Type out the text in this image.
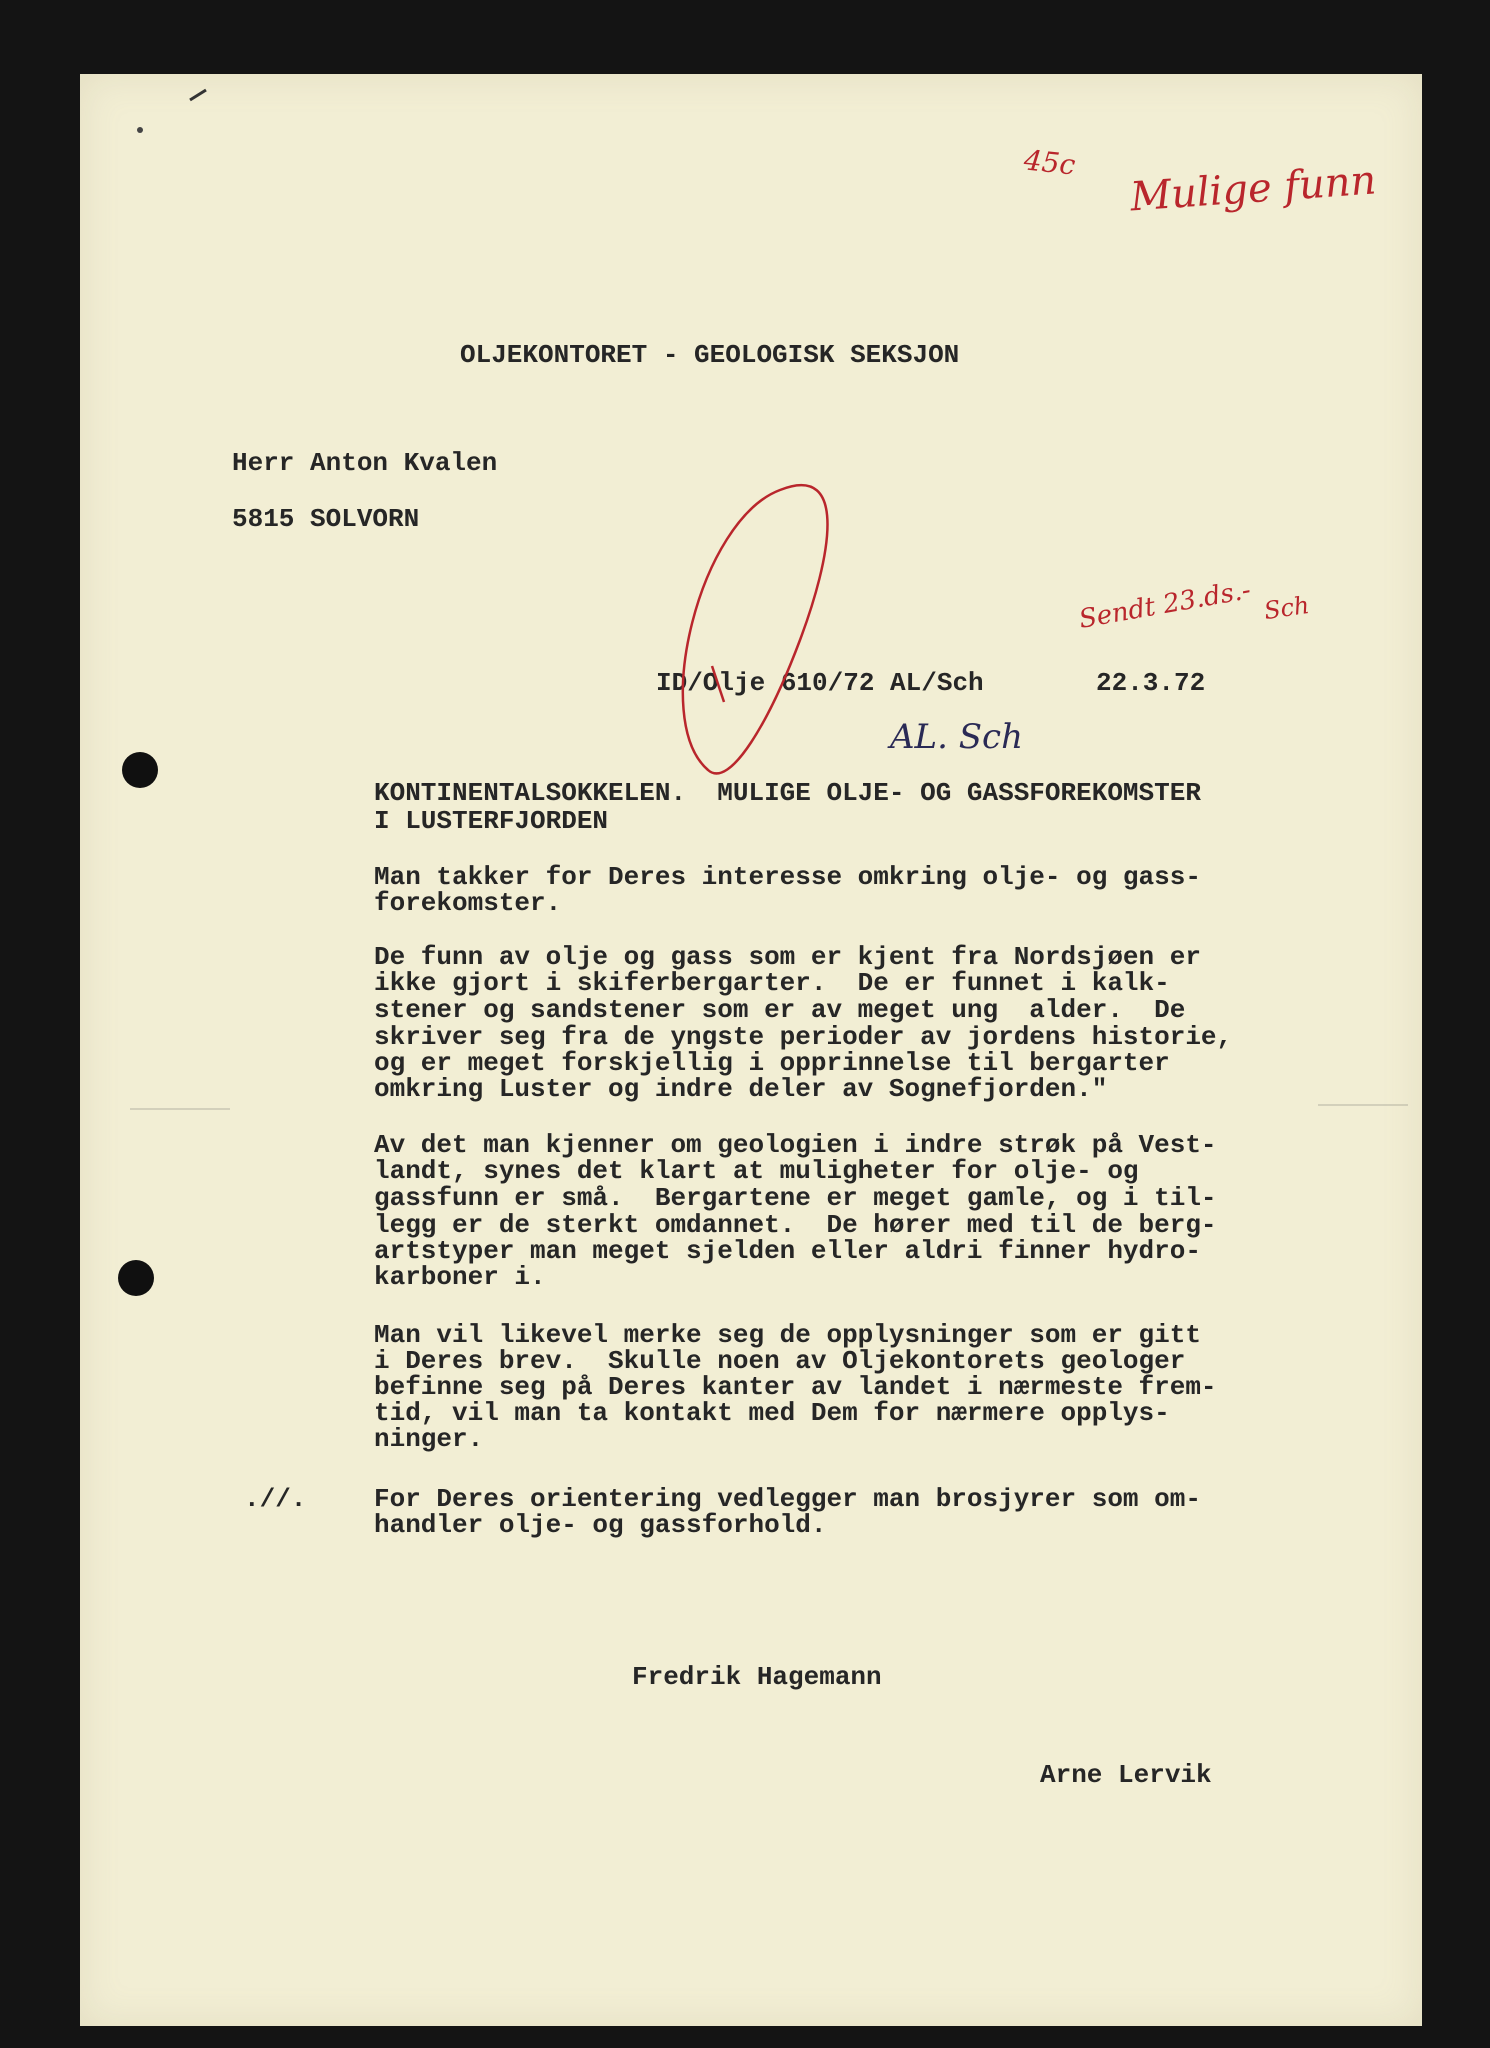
45c Mulige funn
Sendt 23.ds.- Sch
OLJEKONTORET - GEOLOGISK SEKSJON
Herr Anton Kvalen
5815 SOLVORN
ID/Olje 610/72 AL/Sch	22.3.72
KONTINENTALSOKKELEN.  MULIGE OLJE- OG GASSFOREKOMSTER
I LUSTERFJORDEN
Man takker for Deres interesse omkring olje- og gass-
forekomster.
De funn av olje og gass som er kjent fra Nordsjøen er
ikke gjort i skiferbergarter.  De er funnet i kalk-
stener og sandstener som er av meget ung  alder.  De
skriver seg fra de yngste perioder av jordens historie,
og er meget forskjellig i opprinnelse til bergarter
omkring Luster og indre deler av Sognefjorden."
Av det man kjenner om geologien i indre strøk på Vest-
landt, synes det klart at muligheter for olje- og
gassfunn er små.  Bergartene er meget gamle, og i til-
legg er de sterkt omdannet.  De hører med til de berg-
artstyper man meget sjelden eller aldri finner hydro-
karboner i.
Man vil likevel merke seg de opplysninger som er gitt
i Deres brev.  Skulle noen av Oljekontorets geologer
befinne seg på Deres kanter av landet i nærmeste frem-
tid, vil man ta kontakt med Dem for nærmere opplys-
ninger.
.//.	For Deres orientering vedlegger man brosjyrer som om-
handler olje- og gassforhold.
Fredrik Hagemann
Arne Lervik
AL. Sch
